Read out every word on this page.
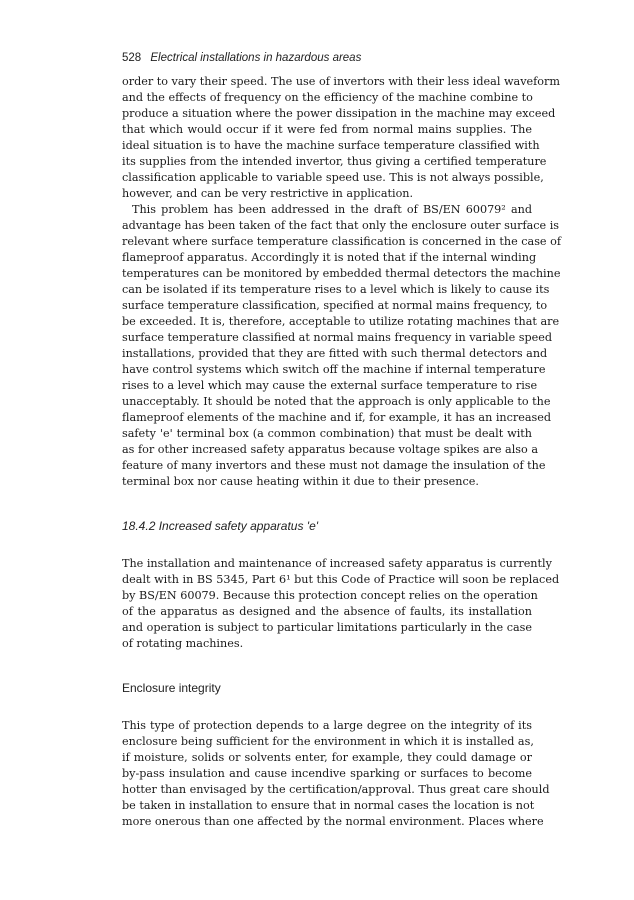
528 Electrical installations in hazardous areas
order to vary their speed. The use of invertors with their less ideal waveform
and the effects of frequency on the efficiency of the machine combine to
produce a situation where the power dissipation in the machine may exceed
that which would occur if it were fed from normal mains supplies. The
ideal situation is to have the machine surface temperature classified with
its supplies from the intended invertor, thus giving a certified temperature
classification applicable to variable speed use. This is not always possible,
however, and can be very restrictive in application.
This problem has been addressed in the draft of BS/EN 60079² and
advantage has been taken of the fact that only the enclosure outer surface is
relevant where surface temperature classification is concerned in the case of
flameproof apparatus. Accordingly it is noted that if the internal winding
temperatures can be monitored by embedded thermal detectors the machine
can be isolated if its temperature rises to a level which is likely to cause its
surface temperature classification, specified at normal mains frequency, to
be exceeded. It is, therefore, acceptable to utilize rotating machines that are
surface temperature classified at normal mains frequency in variable speed
installations, provided that they are fitted with such thermal detectors and
have control systems which switch off the machine if internal temperature
rises to a level which may cause the external surface temperature to rise
unacceptably. It should be noted that the approach is only applicable to the
flameproof elements of the machine and if, for example, it has an increased
safety 'e' terminal box (a common combination) that must be dealt with
as for other increased safety apparatus because voltage spikes are also a
feature of many invertors and these must not damage the insulation of the
terminal box nor cause heating within it due to their presence.
18.4.2 Increased safety apparatus 'e'
The installation and maintenance of increased safety apparatus is currently
dealt with in BS 5345, Part 6¹ but this Code of Practice will soon be replaced
by BS/EN 60079. Because this protection concept relies on the operation
of the apparatus as designed and the absence of faults, its installation
and operation is subject to particular limitations particularly in the case
of rotating machines.
Enclosure integrity
This type of protection depends to a large degree on the integrity of its
enclosure being sufficient for the environment in which it is installed as,
if moisture, solids or solvents enter, for example, they could damage or
by-pass insulation and cause incendive sparking or surfaces to become
hotter than envisaged by the certification/approval. Thus great care should
be taken in installation to ensure that in normal cases the location is not
more onerous than one affected by the normal environment. Places where
